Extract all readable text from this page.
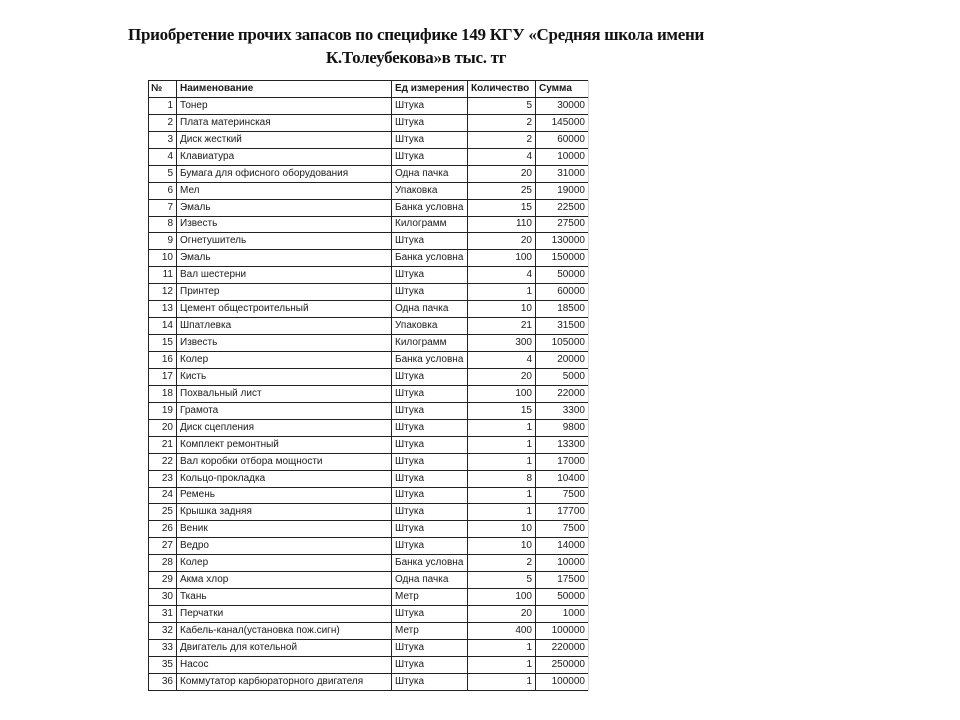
Приобретение прочих запасов по специфике 149 КГУ «Средняя школа имени
К.Толеубекова»в тыс. тг
№	Наименование	Ед измерения	Количество	Сумма
1	Тонер	Штука	5	30000
2	Плата материнская	Штука	2	145000
3	Диск жесткий	Штука	2	60000
4	Клавиатура	Штука	4	10000
5	Бумага для офисного оборудования	Одна пачка	20	31000
6	Мел	Упаковка	25	19000
7	Эмаль	Банка условна	15	22500
8	Известь	Килограмм	110	27500
9	Огнетушитель	Штука	20	130000
10	Эмаль	Банка условна	100	150000
11	Вал шестерни	Штука	4	50000
12	Принтер	Штука	1	60000
13	Цемент общестроительный	Одна пачка	10	18500
14	Шпатлевка	Упаковка	21	31500
15	Известь	Килограмм	300	105000
16	Колер	Банка условна	4	20000
17	Кисть	Штука	20	5000
18	Похвальный лист	Штука	100	22000
19	Грамота	Штука	15	3300
20	Диск сцепления	Штука	1	9800
21	Комплект ремонтный	Штука	1	13300
22	Вал коробки отбора мощности	Штука	1	17000
23	Кольцо-прокладка	Штука	8	10400
24	Ремень	Штука	1	7500
25	Крышка задняя	Штука	1	17700
26	Веник	Штука	10	7500
27	Ведро	Штука	10	14000
28	Колер	Банка условна	2	10000
29	Акма хлор	Одна пачка	5	17500
30	Ткань	Метр	100	50000
31	Перчатки	Штука	20	1000
32	Кабель-канал(установка пож.сигн)	Метр	400	100000
33	Двигатель для котельной	Штука	1	220000
35	Насос	Штука	1	250000
36	Коммутатор карбюраторного двигателя	Штука	1	100000
